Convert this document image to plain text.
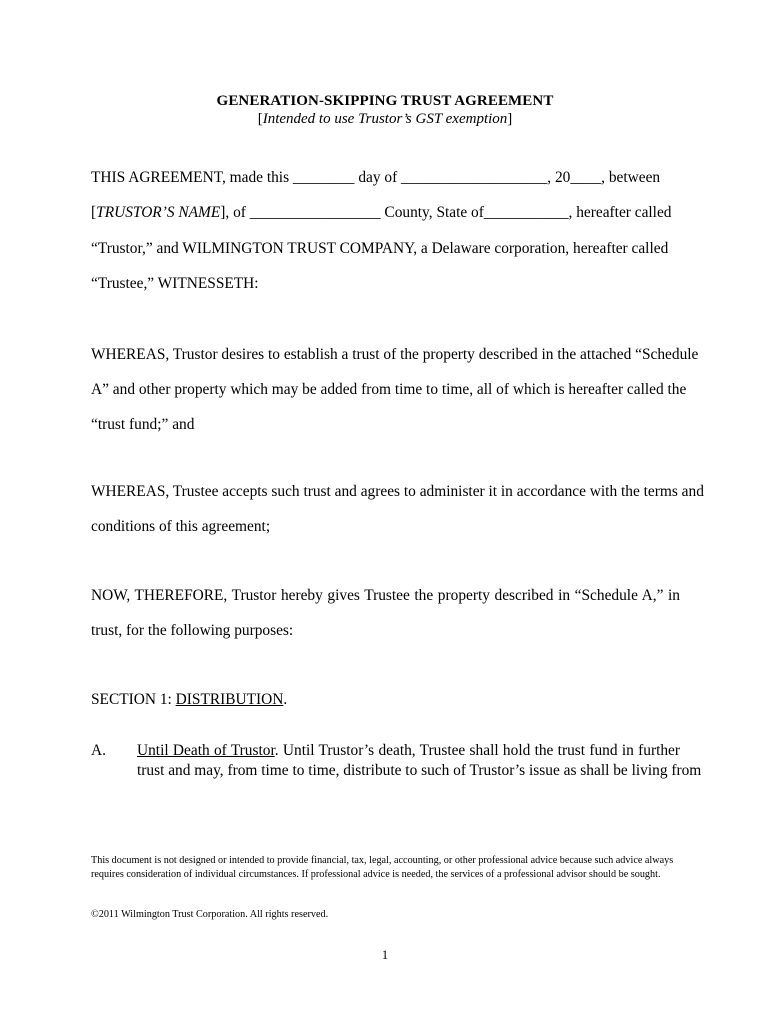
GENERATION-SKIPPING TRUST AGREEMENT
[Intended to use Trustor’s GST exemption]
THIS AGREEMENT, made this ________ day of ___________________, 20____, between
[TRUSTOR’S NAME], of _________________ County, State of___________, hereafter called
“Trustor,” and WILMINGTON TRUST COMPANY, a Delaware corporation, hereafter called
“Trustee,” WITNESSETH:
WHEREAS, Trustor desires to establish a trust of the property described in the attached “Schedule
A” and other property which may be added from time to time, all of which is hereafter called the
“trust fund;” and
WHEREAS, Trustee accepts such trust and agrees to administer it in accordance with the terms and
conditions of this agreement;
NOW, THEREFORE, Trustor hereby gives Trustee the property described in “Schedule A,” in
trust, for the following purposes:
SECTION 1: DISTRIBUTION.
A. Until Death of Trustor. Until Trustor’s death, Trustee shall hold the trust fund in further
trust and may, from time to time, distribute to such of Trustor’s issue as shall be living from
This document is not designed or intended to provide financial, tax, legal, accounting, or other professional advice because such advice always requires consideration of individual circumstances. If professional advice is needed, the services of a professional advisor should be sought.
©2011 Wilmington Trust Corporation. All rights reserved.
1
